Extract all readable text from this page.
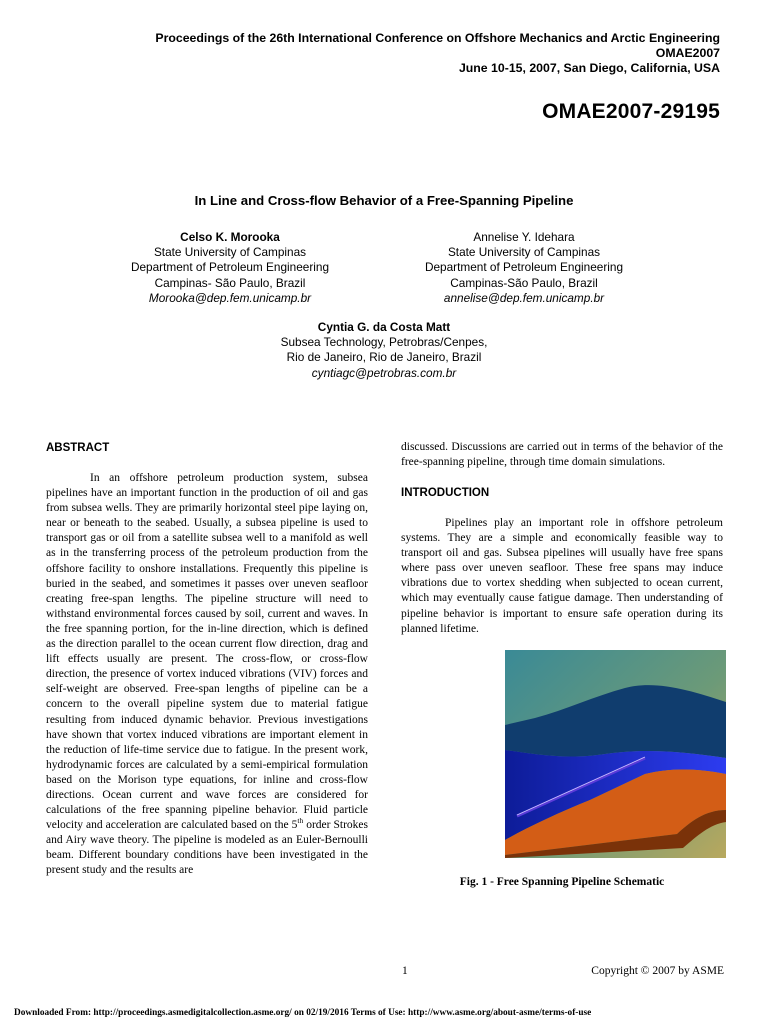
Proceedings of the 26th International Conference on Offshore Mechanics and Arctic Engineering
OMAE2007
June 10-15, 2007, San Diego, California, USA
OMAE2007-29195
In Line and Cross-flow Behavior of a Free-Spanning Pipeline
Celso K. Morooka
State University of Campinas
Department of Petroleum Engineering
Campinas- São Paulo, Brazil
Morooka@dep.fem.unicamp.br
Annelise Y. Idehara
State University of Campinas
Department of Petroleum Engineering
Campinas-São Paulo, Brazil
annelise@dep.fem.unicamp.br
Cyntia G. da Costa Matt
Subsea Technology, Petrobras/Cenpes,
Rio de Janeiro, Rio de Janeiro, Brazil
cyntiagc@petrobras.com.br
ABSTRACT

In an offshore petroleum production system, subsea pipelines have an important function in the production of oil and gas from subsea wells. They are primarily horizontal steel pipe laying on, near or beneath to the seabed. Usually, a subsea pipeline is used to transport gas or oil from a satellite subsea well to a manifold as well as in the transferring process of the petroleum production from the offshore facility to onshore installations. Frequently this pipeline is buried in the seabed, and sometimes it passes over uneven seafloor creating free-span lengths. The pipeline structure will need to withstand environmental forces caused by soil, current and waves. In the free spanning portion, for the in-line direction, which is defined as the direction parallel to the ocean current flow direction, drag and lift effects usually are present. The cross-flow, or cross-flow direction, the presence of vortex induced vibrations (VIV) forces and self-weight are observed. Free-span lengths of pipeline can be a concern to the overall pipeline system due to material fatigue resulting from induced dynamic behavior. Previous investigations have shown that vortex induced vibrations are important element in the reduction of life-time service due to fatigue. In the present work, hydrodynamic forces are calculated by a semi-empirical formulation based on the Morison type equations, for inline and cross-flow directions. Ocean current and wave forces are considered for calculations of the free spanning pipeline behavior. Fluid particle velocity and acceleration are calculated based on the 5th order Strokes and Airy wave theory. The pipeline is modeled as an Euler-Bernoulli beam. Different boundary conditions have been investigated in the present study and the results are

discussed. Discussions are carried out in terms of the behavior of the free-spanning pipeline, through time domain simulations.

INTRODUCTION

Pipelines play an important role in offshore petroleum systems. They are a simple and economically feasible way to transport oil and gas. Subsea pipelines will usually have free spans where pass over uneven seafloor. These free spans may induce vibrations due to vortex shedding when subjected to ocean current, which may eventually cause fatigue damage. Then understanding of pipeline behavior is important to ensure safe operation during its planned lifetime.

Fig. 1 - Free Spanning Pipeline Schematic
1	Copyright © 2007 by ASME
Downloaded From: http://proceedings.asmedigitalcollection.asme.org/ on 02/19/2016 Terms of Use: http://www.asme.org/about-asme/terms-of-use
